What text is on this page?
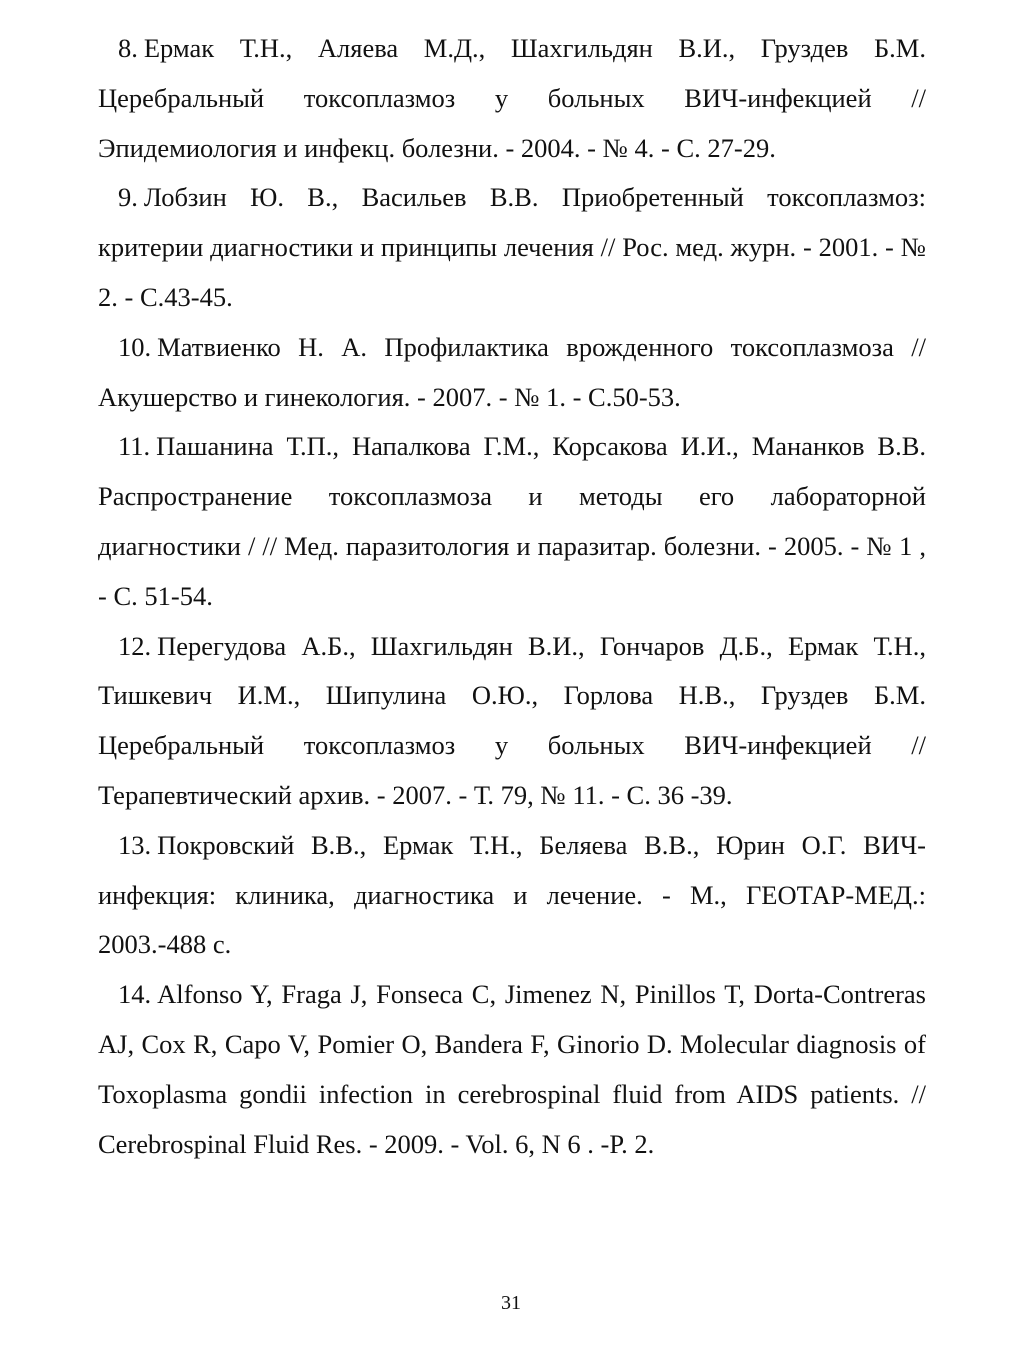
8. Ермак Т.Н., Аляева М.Д., Шахгильдян В.И., Груздев Б.М. Церебральный токсоплазмоз у больных ВИЧ-инфекцией // Эпидемиология и инфекц. болезни. - 2004. - № 4. - С. 27-29.
9. Лобзин Ю. В., Васильев В.В. Приобретенный токсоплазмоз: критерии диагностики и принципы лечения // Рос. мед. журн. - 2001. - № 2. - С.43-45.
10. Матвиенко Н. А. Профилактика врожденного токсоплазмоза // Акушерство и гинекология. - 2007. - № 1. - С.50-53.
11. Пашанина Т.П., Напалкова Г.М., Корсакова И.И., Мананков В.В. Распространение токсоплазмоза и методы его лабораторной диагностики / // Мед. паразитология и паразитар. болезни. - 2005. - № 1 , - С. 51-54.
12. Перегудова А.Б., Шахгильдян В.И., Гончаров Д.Б., Ермак Т.Н., Тишкевич И.М., Шипулина О.Ю., Горлова Н.В., Груздев Б.М. Церебральный токсоплазмоз у больных ВИЧ-инфекцией // Терапевтический архив. - 2007. - Т. 79, № 11. - С. 36 -39.
13. Покровский В.В., Ермак Т.Н., Беляева В.В., Юрин О.Г. ВИЧ-инфекция: клиника, диагностика и лечение. - М., ГЕОТАР-МЕД.: 2003.-488 с.
14. Alfonso Y, Fraga J, Fonseca C, Jimenez N, Pinillos T, Dorta-Contreras AJ, Cox R, Capo V, Pomier O, Bandera F, Ginorio D. Molecular diagnosis of Toxoplasma gondii infection in cerebrospinal fluid from AIDS patients. // Cerebrospinal Fluid Res. - 2009. - Vol. 6, N 6 . -P. 2.
31
